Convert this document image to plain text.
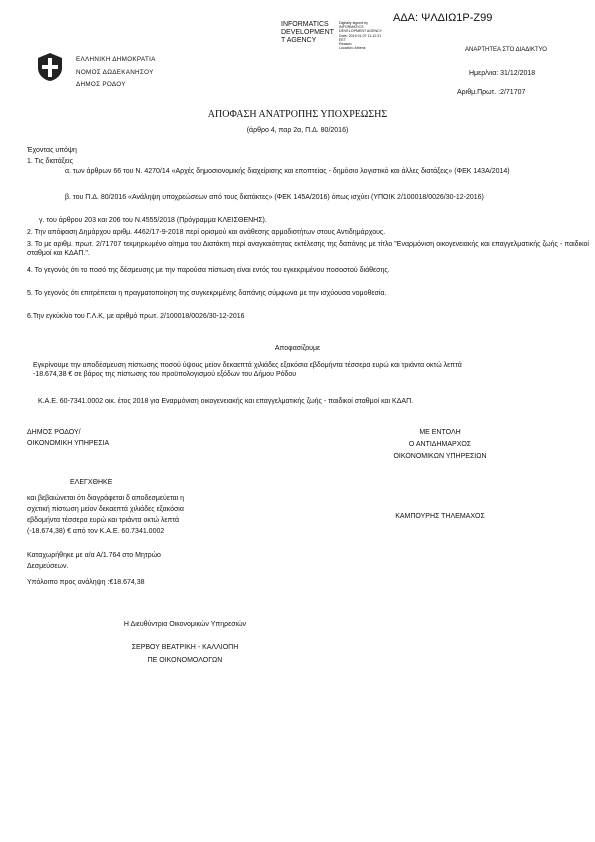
ΑΔΑ: ΨΛΔΙΩ1Ρ-Ζ99
INFORMATICS
DEVELOPMENT
T AGENCY
Digitally signed by
INFORMATICS
DEVELOPMENT AGENCY
Date: 2019.01.07 11:12:21
EET
Reason:
Location: Athens
ΕΛΛΗΝΙΚΗ ΔΗΜΟΚΡΑΤΙΑ
ΝΟΜΟΣ ΔΩΔΕΚΑΝΗΣΟΥ
ΔΗΜΟΣ ΡΟΔΟΥ
ΑΝΑΡΤΗΤΕΑ ΣΤΟ ΔΙΑΔΙΚΤΥΟ
Ημερ/νια: 31/12/2018
Αριθμ.Πρωτ. :2/71707
ΑΠΟΦΑΣΗ ΑΝΑΤΡΟΠΗΣ ΥΠΟΧΡΕΩΣΗΣ
(άρθρο 4, παρ 2α, Π.Δ. 80/2016)
Έχοντας υπόψη
1. Τις διατάξεις
α. των άρθρων 66 του Ν. 4270/14 «Αρχές δημοσιονομικής διαχείρισης και εποπτείας - δημόσιο λογιστικό και άλλες διατάξεις» (ΦΕΚ 143Α/2014)
β. του Π.Δ. 80/2016 «Ανάληψη υποχρεώσεων από τους διατάκτες» (ΦΕΚ 145Α/2016) όπως ισχύει (ΥΠΟΙΚ 2/100018/0026/30-12-2016)
γ. του άρθρου 203 και 206 του Ν.4555/2018 (Πρόγραμμα ΚΛΕΙΣΘΕΝΗΣ).
2. Την απόφαση Δημάρχου αριθμ. 4462/17-9-2018 περί ορισμού και ανάθεσης αρμοδιοτήτων στους Αντιδημάρχους.
3. Το με αριθμ. πρωτ. 2/71707 τεκμηριωμένο αίτημα του Διατάκτη περί αναγκαιότητας εκτέλεσης της δαπάνης με τίτλο "Εναρμόνιση οικογενειακής και επαγγελματικής ζωής - παιδικοί σταθμοί και ΚΔΑΠ.".
4. Το γεγονός ότι το ποσό της δέσμευσης με την παρούσα πίστωση είναι εντός του εγκεκριμένου ποσοστού διάθεσης.
5. Το γεγονός ότι επιτρέπεται η πραγματοποίηση της συγκεκριμένης δαπάνης σύμφωνα με την ισχύουσα νομοθεσία.
6.Την εγκύκλιο του Γ.Λ.Κ, με αριθμό πρωτ. 2/100018/0026/30-12-2016
Αποφασίζουμε
Εγκρίνουμε την αποδέσμευση πίστωσης ποσού ύψους μείον δεκαεπτά χιλιάδες εξακόσια εβδομήντα τέσσερα ευρώ και τριάντα οκτώ λεπτά -18.674,38 € σε βάρος της πίστωσης του προϋπολογισμού εξόδων του Δήμου Ρόδου
Κ.Α.Ε. 60-7341.0002 οικ. έτος 2018 για Εναρμόνιση οικογενειακής και επαγγελματικής ζωής - παιδικοί σταθμοί και ΚΔΑΠ.
ΔΗΜΟΣ ΡΟΔΟΥ/
ΟΙΚΟΝΟΜΙΚΗ ΥΠΗΡΕΣΙΑ
ΕΛΕΓΧΘΗΚΕ
και βεβαιώνεται ότι διαγράφεται δ αποδεσμεύεται η
σχετική πίστωση μείον δεκαεπτά χιλιάδες εξακόσια
εβδομήντα τέσσερα ευρώ και τριάντα οκτώ λεπτά
(-18.674,38) € από τον Κ.Α.Ε. 60.7341.0002
Καταχωρήθηκε με α/α Α/1.764 στο Μητρώο
Δεσμεύσεων.
Υπόλοιπο προς ανάληψη :€18.674,38
ΜΕ ΕΝΤΟΛΗ
Ο ΑΝΤΙΔΗΜΑΡΧΟΣ
ΟΙΚΟΝΟΜΙΚΩΝ ΥΠΗΡΕΣΙΩΝ
ΚΑΜΠΟΥΡΗΣ ΤΗΛΕΜΑΧΟΣ
Η Διευθύντρια Οικονομικών Υπηρεσιών
ΣΕΡΒΟΥ ΒΕΑΤΡΙΚΗ - ΚΑΛΛΙΟΠΗ
ΠΕ ΟΙΚΟΝΟΜΟΛΟΓΩΝ
